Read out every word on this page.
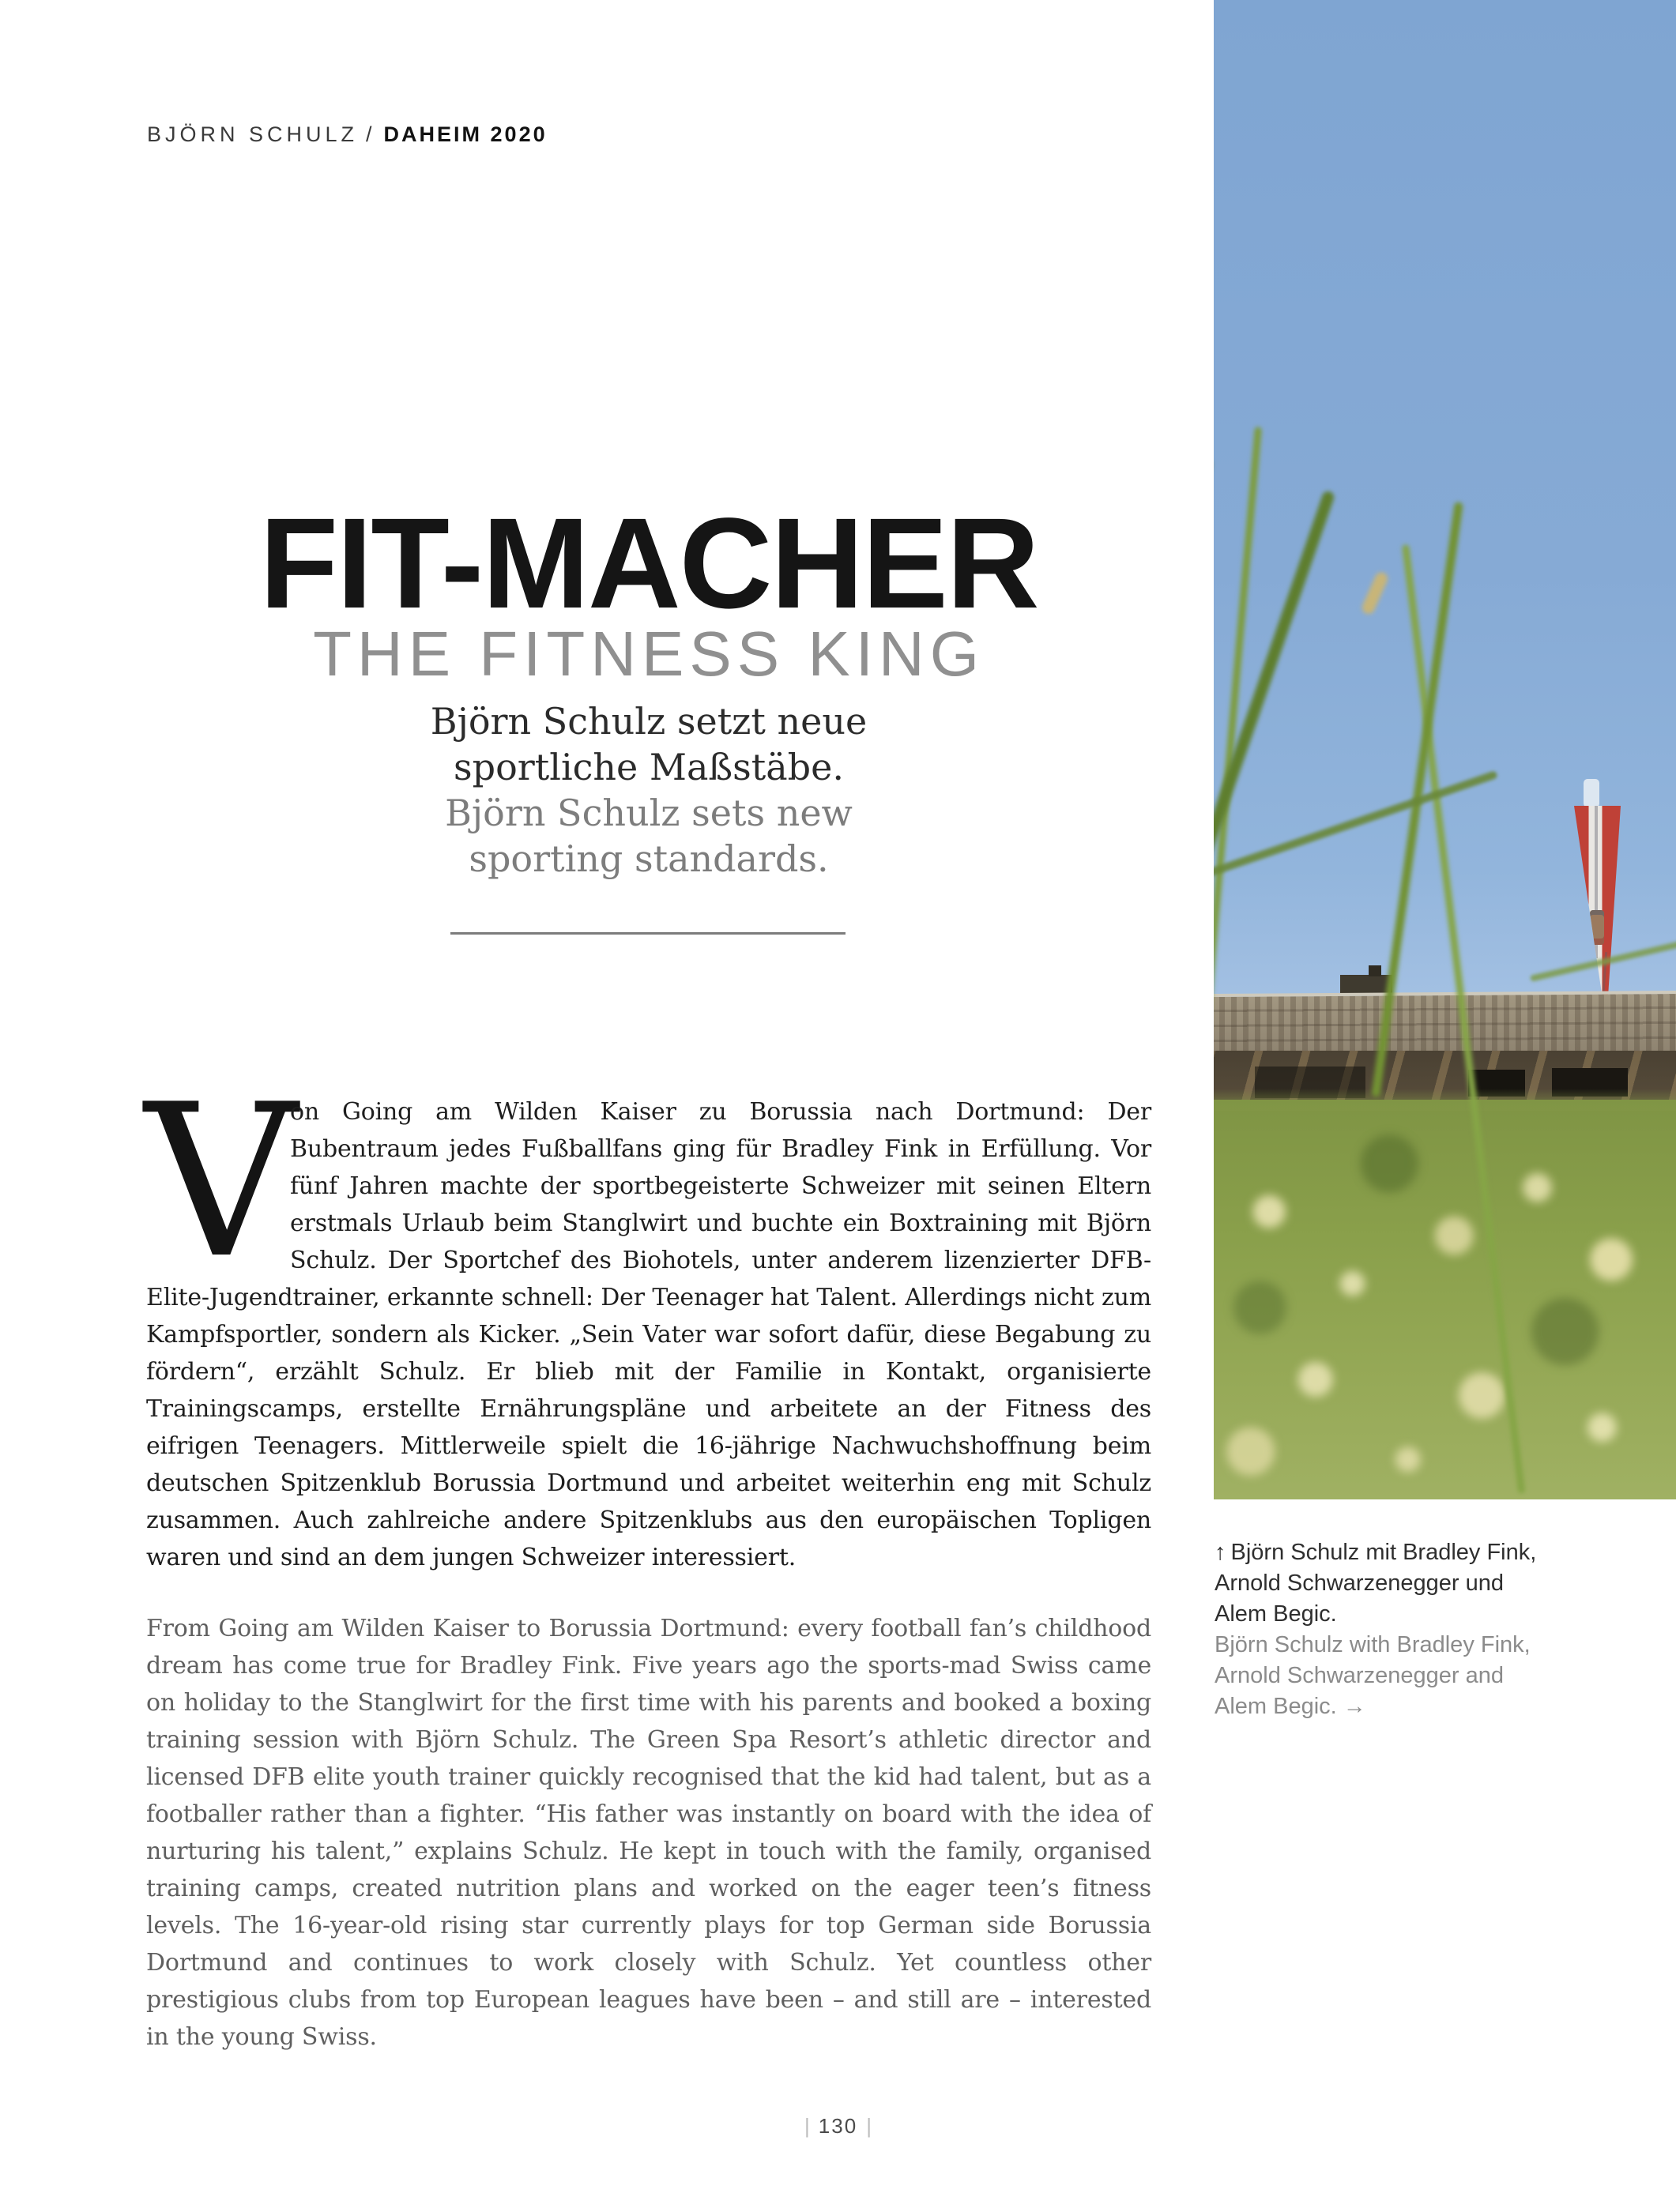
BJÖRN SCHULZ / DAHEIM 2020
FIT-MACHER
THE FITNESS KING
Björn Schulz setzt neue
sportliche Maßstäbe.
Björn Schulz sets new
sporting standards.
V

on Going am Wilden Kaiser zu Borussia nach Dortmund: Der Bubentraum jedes Fußballfans ging für Bradley Fink in Erfüllung. Vor fünf Jahren machte der sportbegeisterte Schweizer mit seinen Eltern erstmals Urlaub beim Stanglwirt und buchte ein Boxtraining mit Björn Schulz. Der Sportchef des Biohotels, unter anderem lizenzierter DFB-Elite-Jugendtrainer, erkannte schnell: Der Teenager hat Talent. Allerdings nicht zum Kampfsportler, sondern als Kicker. „Sein Vater war sofort dafür, diese Begabung zu fördern“, erzählt Schulz. Er blieb mit der Familie in Kontakt, organisierte Trainingscamps, erstellte Ernährungspläne und arbeitete an der Fitness des eifrigen Teenagers. Mittlerweile spielt die 16-jährige Nachwuchshoffnung beim deutschen Spitzenklub Borussia Dortmund und arbeitet weiterhin eng mit Schulz zusammen. Auch zahlreiche andere Spitzenklubs aus den europäischen Topligen waren und sind an dem jungen Schweizer interessiert.

From Going am Wilden Kaiser to Borussia Dortmund: every football fan’s childhood dream has come true for Bradley Fink. Five years ago the sports-mad Swiss came on holiday to the Stanglwirt for the first time with his parents and booked a boxing training session with Björn Schulz. The Green Spa Resort’s athletic director and licensed DFB elite youth trainer quickly recognised that the kid had talent, but as a footballer rather than a fighter. “His father was instantly on board with the idea of nurturing his talent,” explains Schulz. He kept in touch with the family, organised training camps, created nutrition plans and worked on the eager teen’s fitness levels. The 16-year-old rising star currently plays for top German side Borussia Dortmund and continues to work closely with Schulz. Yet countless other prestigious clubs from top European leagues have been – and still are – interested in the young Swiss.

↑ Björn Schulz mit Bradley Fink,
Arnold Schwarzenegger und
Alem Begic.
Björn Schulz with Bradley Fink,
Arnold Schwarzenegger and
Alem Begic. →
| 130 |
